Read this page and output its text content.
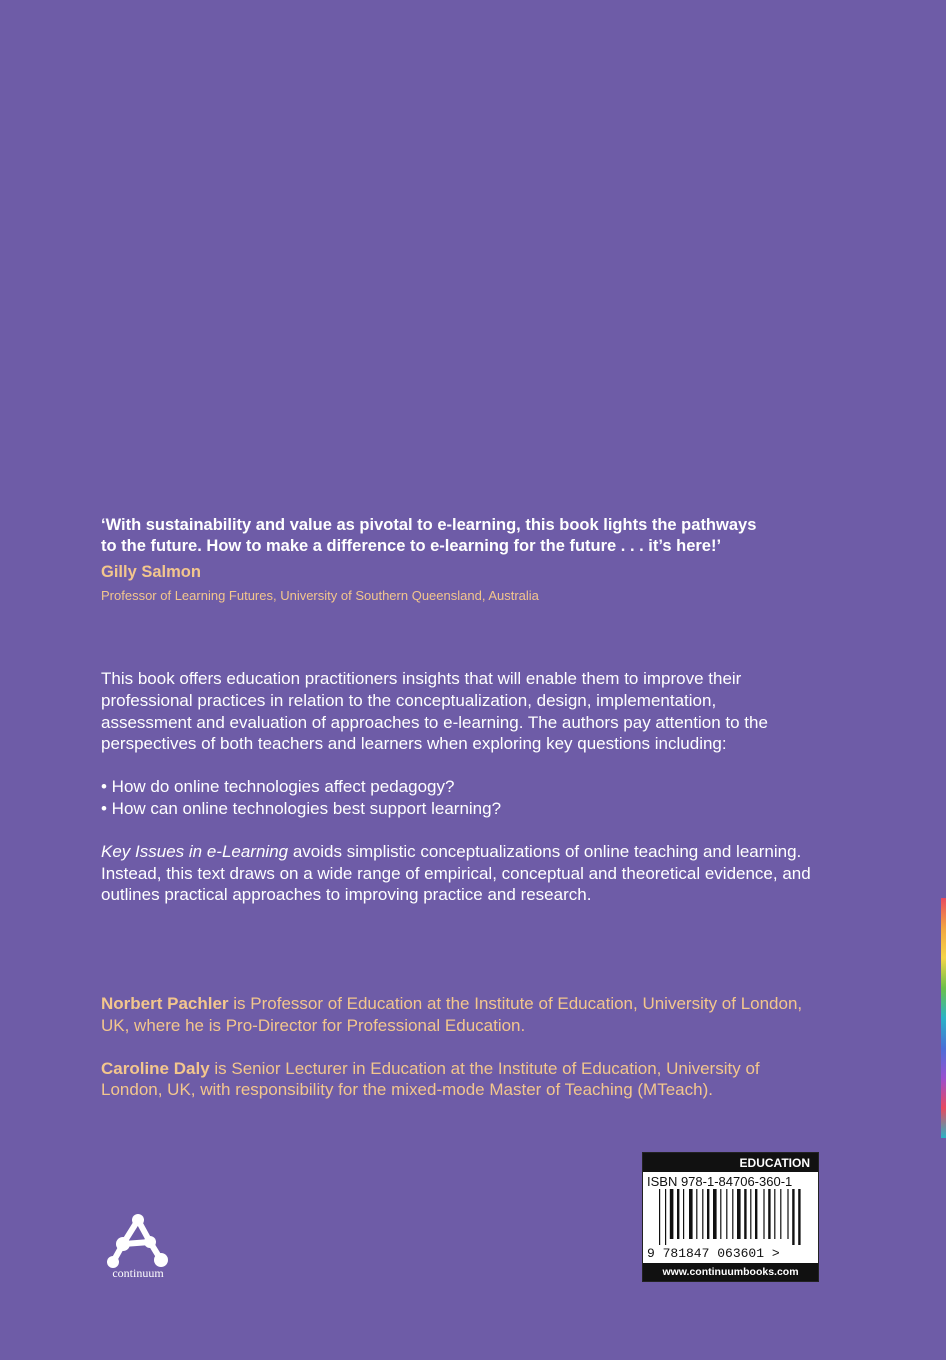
‘With sustainability and value as pivotal to e-learning, this book lights the pathways to the future. How to make a difference to e-learning for the future . . . it’s here!’

Gilly Salmon
Professor of Learning Futures, University of Southern Queensland, Australia

This book offers education practitioners insights that will enable them to improve their professional practices in relation to the conceptualization, design, implementation, assessment and evaluation of approaches to e-learning. The authors pay attention to the perspectives of both teachers and learners when exploring key questions including:

• How do online technologies affect pedagogy?
• How can online technologies best support learning?

Key Issues in e-Learning avoids simplistic conceptualizations of online teaching and learning. Instead, this text draws on a wide range of empirical, conceptual and theoretical evidence, and outlines practical approaches to improving practice and research.

Norbert Pachler is Professor of Education at the Institute of Education, University of London, UK, where he is Pro-Director for Professional Education.

Caroline Daly is Senior Lecturer in Education at the Institute of Education, University of London, UK, with responsibility for the mixed-mode Master of Teaching (MTeach).

continuum
EDUCATION
ISBN 978-1-84706-360-1
9 781847 063601 >
www.continuumbooks.com
